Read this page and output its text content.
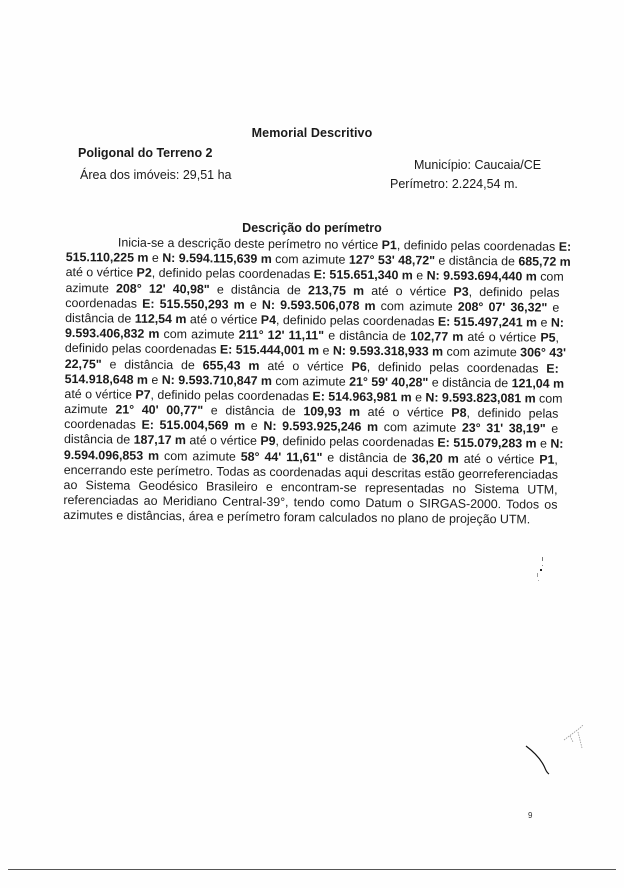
Memorial Descritivo
Poligonal do Terreno 2
Área dos imóveis: 29,51 ha
Município: Caucaia/CE
Perímetro: 2.224,54 m.
Descrição do perímetro
Inicia-se a descrição deste perímetro no vértice P1, definido pelas coordenadas E:
515.110,225 m e N: 9.594.115,639 m com azimute 127° 53' 48,72" e distância de 685,72 m
até o vértice P2, definido pelas coordenadas E: 515.651,340 m e N: 9.593.694,440 m com
azimute 208° 12' 40,98" e distância de 213,75 m até o vértice P3, definido pelas
coordenadas E: 515.550,293 m e N: 9.593.506,078 m com azimute 208° 07' 36,32" e
distância de 112,54 m até o vértice P4, definido pelas coordenadas E: 515.497,241 m e N:
9.593.406,832 m com azimute 211° 12' 11,11" e distância de 102,77 m até o vértice P5,
definido pelas coordenadas E: 515.444,001 m e N: 9.593.318,933 m com azimute 306° 43'
22,75" e distância de 655,43 m até o vértice P6, definido pelas coordenadas E:
514.918,648 m e N: 9.593.710,847 m com azimute 21° 59' 40,28" e distância de 121,04 m
até o vértice P7, definido pelas coordenadas E: 514.963,981 m e N: 9.593.823,081 m com
azimute 21° 40' 00,77" e distância de 109,93 m até o vértice P8, definido pelas
coordenadas E: 515.004,569 m e N: 9.593.925,246 m com azimute 23° 31' 38,19" e
distância de 187,17 m até o vértice P9, definido pelas coordenadas E: 515.079,283 m e N:
9.594.096,853 m com azimute 58° 44' 11,61" e distância de 36,20 m até o vértice P1,
encerrando este perímetro. Todas as coordenadas aqui descritas estão georreferenciadas
ao Sistema Geodésico Brasileiro e encontram-se representadas no Sistema UTM,
referenciadas ao Meridiano Central-39°, tendo como Datum o SIRGAS-2000. Todos os
azimutes e distâncias, área e perímetro foram calculados no plano de projeção UTM.
9
